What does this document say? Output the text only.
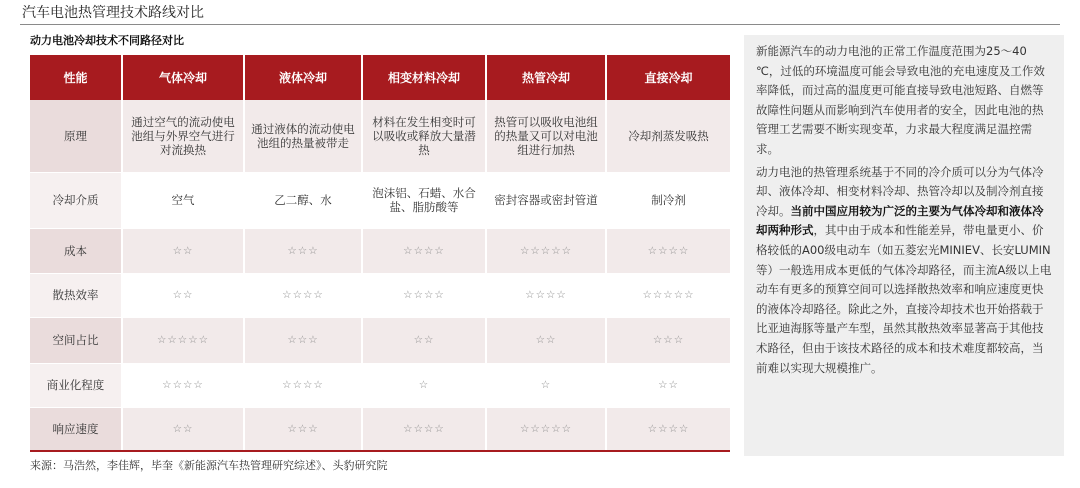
汽车电池热管理技术路线对比
动力电池冷却技术不同路径对比
性能	气体冷却	液体冷却	相变材料冷却	热管冷却	直接冷却
原理	通过空气的流动使电池组与外界空气进行对流换热	通过液体的流动使电池组的热量被带走	材料在发生相变时可以吸收或释放大量潜热	热管可以吸收电池组的热量又可以对电池组进行加热	冷却剂蒸发吸热
冷却介质	空气	乙二醇、水	泡沫铝、石蜡、水合盐、脂肪酸等	密封容器或密封管道	制冷剂
成本	☆☆	☆☆☆	☆☆☆☆	☆☆☆☆☆	☆☆☆☆
散热效率	☆☆	☆☆☆☆	☆☆☆☆	☆☆☆☆	☆☆☆☆☆
空间占比	☆☆☆☆☆	☆☆☆	☆☆	☆☆	☆☆☆
商业化程度	☆☆☆☆	☆☆☆☆	☆	☆	☆☆
响应速度	☆☆	☆☆☆	☆☆☆☆	☆☆☆☆☆	☆☆☆☆
来源：马浩然，李佳辉，毕奎《新能源汽车热管理研究综述》、头豹研究院

新能源汽车的动力电池的正常工作温度范围为25～40 ℃，过低的环境温度可能会导致电池的充电速度及工作效率降低，而过高的温度更可能直接导致电池短路、自燃等故障性问题从而影响到汽车使用者的安全，因此电池的热管理工艺需要不断实现变革，力求最大程度满足温控需求。

动力电池的热管理系统基于不同的冷介质可以分为气体冷却、液体冷却、相变材料冷却、热管冷却以及制冷剂直接冷却。当前中国应用较为广泛的主要为气体冷却和液体冷却两种形式，其中由于成本和性能差异，带电量更小、价格较低的A00级电动车（如五菱宏光MINIEV、长安LUMIN等）一般选用成本更低的气体冷却路径，而主流A级以上电动车有更多的预算空间可以选择散热效率和响应速度更快的液体冷却路径。除此之外，直接冷却技术也开始搭载于比亚迪海豚等量产车型，虽然其散热效率显著高于其他技术路径，但由于该技术路径的成本和技术难度都较高，当前难以实现大规模推广。
